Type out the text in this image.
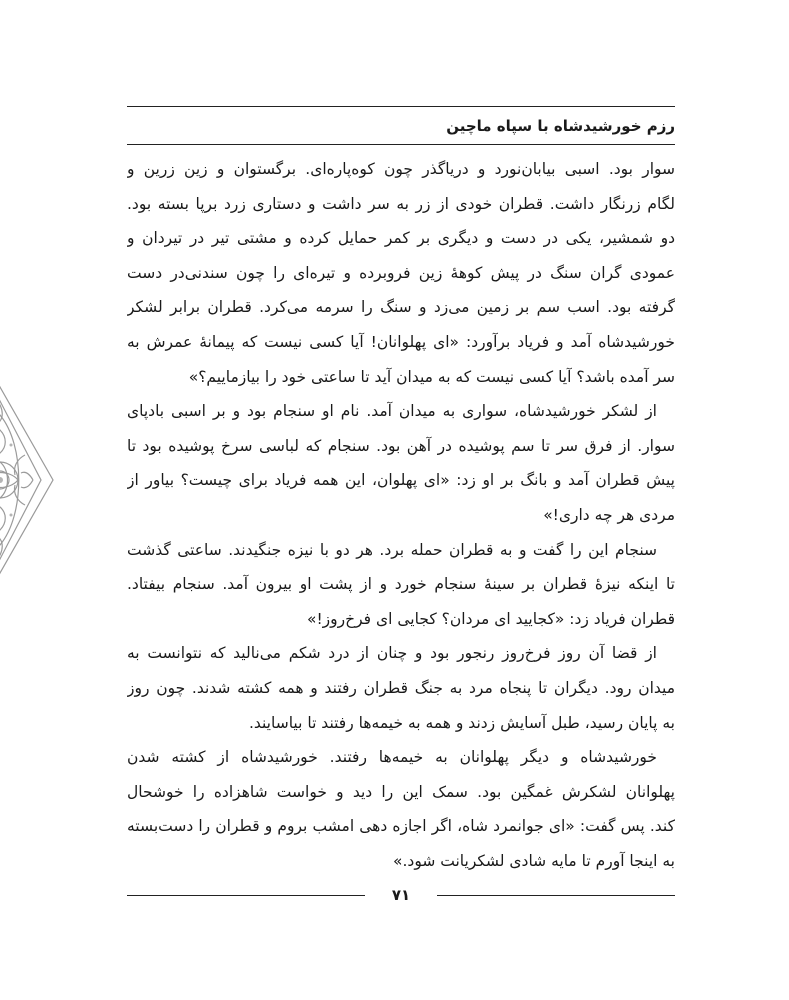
رزم خورشیدشاه با سپاه ماچین
سوار بود. اسبی بیابان‌نورد و دریاگذر چون کوه‌پاره‌ای. برگستوان و زین زرین و
لگام زرنگار داشت. قطران خودی از زر به سر داشت و دستاری زرد برپا بسته بود.
دو شمشیر، یکی در دست و دیگری بر کمر حمایل کرده و مشتی تیر در تیردان و
عمودی گران سنگ در پیش کوههٔ زین فروبرده و تیره‌ای را چون سندنی‌در دست
گرفته بود. اسب سم بر زمین می‌زد و سنگ را سرمه می‌کرد. قطران برابر لشکر
خورشیدشاه آمد و فریاد برآورد: «ای پهلوانان! آیا کسی نیست که پیمانهٔ عمرش به
سر آمده باشد؟ آیا کسی نیست که به میدان آید تا ساعتی خود را بیازماییم؟»
از لشکر خورشیدشاه، سواری به میدان آمد. نام او سنجام بود و بر اسبی بادپای
سوار. از فرق سر تا سم پوشیده در آهن بود. سنجام که لباسی سرخ پوشیده بود تا
پیش قطران آمد و بانگ بر او زد: «ای پهلوان، این همه فریاد برای چیست؟ بیاور از
مردی هر چه داری!»
سنجام این را گفت و به قطران حمله برد. هر دو با نیزه جنگیدند. ساعتی گذشت
تا اینکه نیزهٔ قطران بر سینهٔ سنجام خورد و از پشت او بیرون آمد. سنجام بیفتاد.
قطران فریاد زد: «کجایید ای مردان؟ کجایی ای فرخ‌روز!»
از قضا آن روز فرخ‌روز رنجور بود و چنان از درد شکم می‌نالید که نتوانست به
میدان رود. دیگران تا پنجاه مرد به جنگ قطران رفتند و همه کشته شدند. چون روز
به پایان رسید، طبل آسایش زدند و همه به خیمه‌ها رفتند تا بیاسایند.
خورشیدشاه و دیگر پهلوانان به خیمه‌ها رفتند. خورشیدشاه از کشته شدن
پهلوانان لشکرش غمگین بود. سمک این را دید و خواست شاهزاده را خوشحال
کند. پس گفت: «ای جوانمرد شاه، اگر اجازه دهی امشب بروم و قطران را دست‌بسته
به اینجا آورم تا مایه شادی لشکریانت شود.»
۷۱
